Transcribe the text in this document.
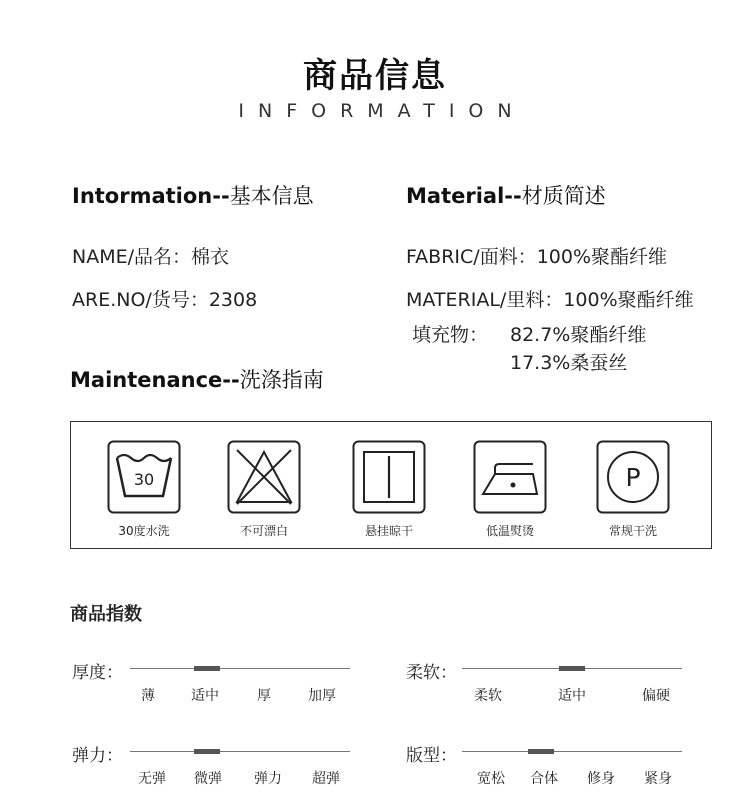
商品信息
INFORMATION
Intormation--基本信息
NAME/品名：棉衣
ARE.NO/货号：2308
Material--材质简述
FABRIC/面料：100%聚酯纤维
MATERIAL/里料：100%聚酯纤维
填充物： 82.7%聚酯纤维
17.3%桑蚕丝
Maintenance--洗涤指南
30
30度水洗	不可漂白	悬挂晾干	低温熨烫
P
常规干洗
商品指数
厚度：
薄	适中	厚	加厚
柔软：
柔软	适中	偏硬
弹力：
无弹	微弹	弹力	超弹
版型：
宽松	合体	修身	紧身
